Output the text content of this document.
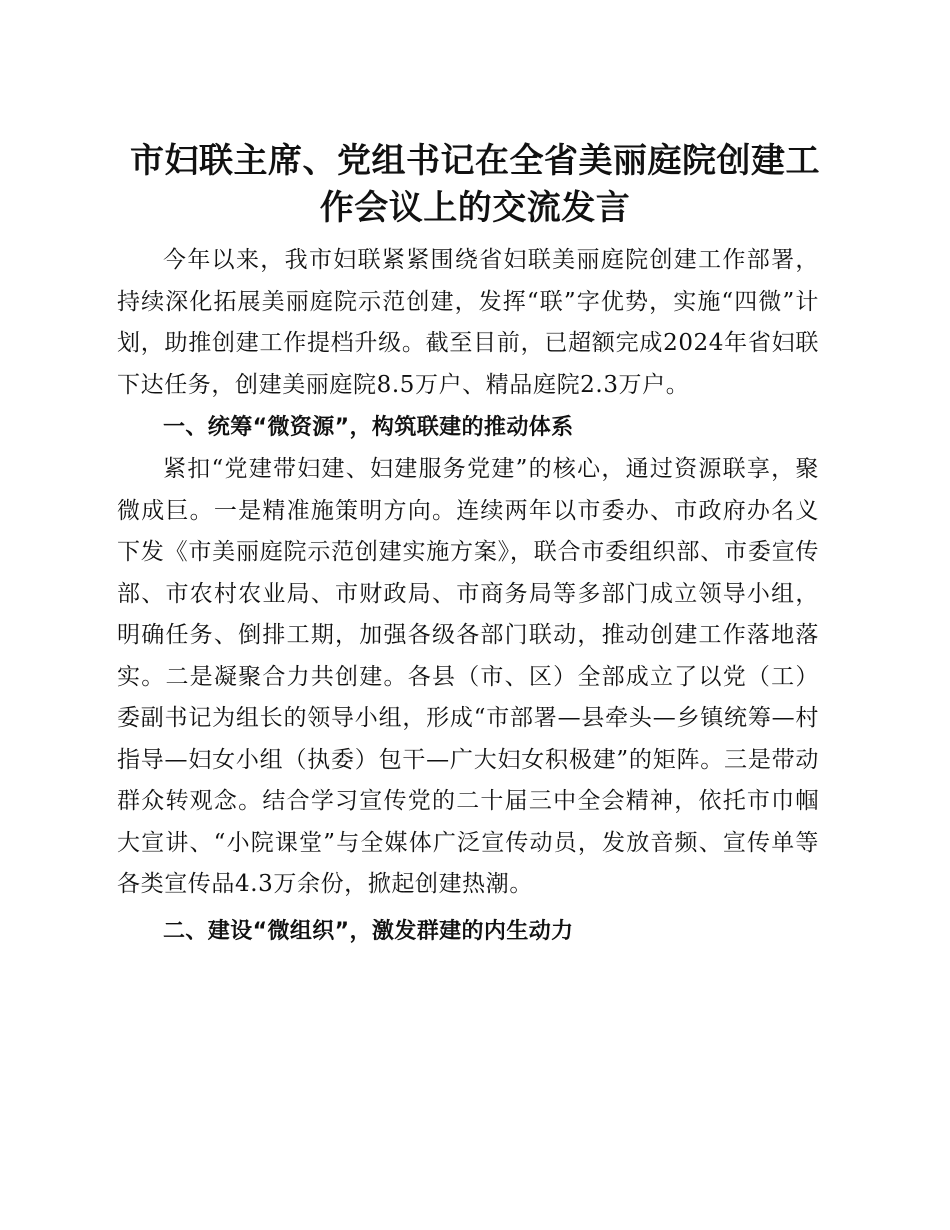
市妇联主席、党组书记在全省美丽庭院创建工
作会议上的交流发言

今年以来，我市妇联紧紧围绕省妇联美丽庭院创建工作部署，持续深化拓展美丽庭院示范创建，发挥“联”字优势，实施“四微”计划，助推创建工作提档升级。截至目前，已超额完成2024年省妇联下达任务，创建美丽庭院8.5万户、精品庭院2.3万户。

一、统筹“微资源”，构筑联建的推动体系

紧扣“党建带妇建、妇建服务党建”的核心，通过资源联享，聚微成巨。一是精准施策明方向。连续两年以市委办、市政府办名义下发《市美丽庭院示范创建实施方案》，联合市委组织部、市委宣传部、市农村农业局、市财政局、市商务局等多部门成立领导小组，明确任务、倒排工期，加强各级各部门联动，推动创建工作落地落实。二是凝聚合力共创建。各县（市、区）全部成立了以党（工）委副书记为组长的领导小组，形成“市部署—县牵头—乡镇统筹—村指导—妇女小组（执委）包干—广大妇女积极建”的矩阵。三是带动群众转观念。结合学习宣传党的二十届三中全会精神，依托市巾帼大宣讲、“小院课堂”与全媒体广泛宣传动员，发放音频、宣传单等各类宣传品4.3万余份，掀起创建热潮。

二、建设“微组织”，激发群建的内生动力
